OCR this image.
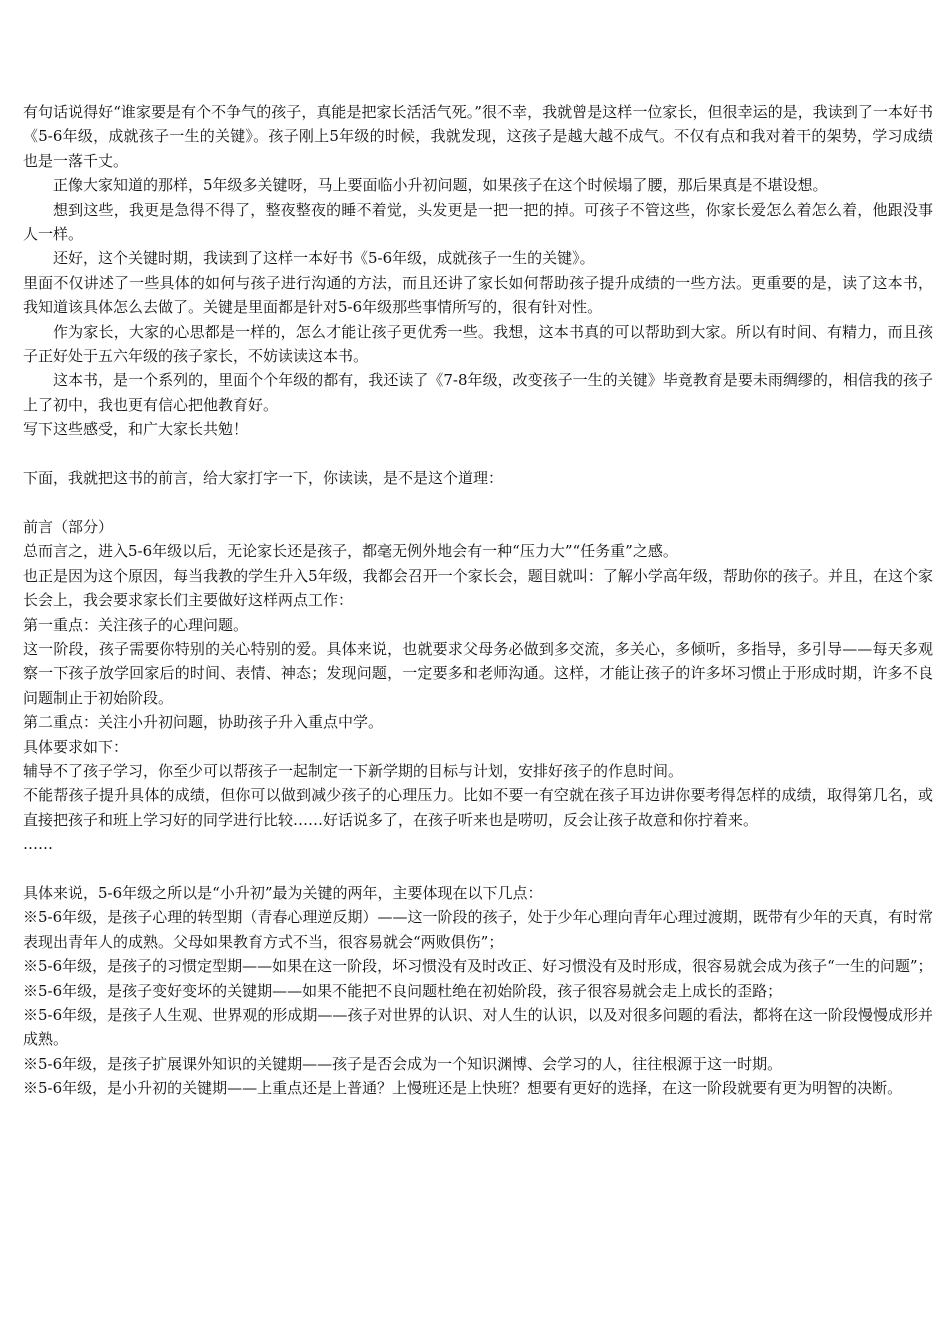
有句话说得好“谁家要是有个不争气的孩子，真能是把家长活活气死。”很不幸，我就曾是这样一位家长，但很幸运的是，我读到了一本好书《5-6年级，成就孩子一生的关键》。孩子刚上5年级的时候，我就发现，这孩子是越大越不成气。不仅有点和我对着干的架势，学习成绩也是一落千丈。

正像大家知道的那样，5年级多关键呀，马上要面临小升初问题，如果孩子在这个时候塌了腰，那后果真是不堪设想。

想到这些，我更是急得不得了，整夜整夜的睡不着觉，头发更是一把一把的掉。可孩子不管这些，你家长爱怎么着怎么着，他跟没事人一样。

还好，这个关键时期，我读到了这样一本好书《5-6年级，成就孩子一生的关键》。

里面不仅讲述了一些具体的如何与孩子进行沟通的方法，而且还讲了家长如何帮助孩子提升成绩的一些方法。更重要的是，读了这本书，我知道该具体怎么去做了。关键是里面都是针对5-6年级那些事情所写的，很有针对性。

作为家长，大家的心思都是一样的，怎么才能让孩子更优秀一些。我想，这本书真的可以帮助到大家。所以有时间、有精力，而且孩子正好处于五六年级的孩子家长，不妨读读这本书。

这本书，是一个系列的，里面个个年级的都有，我还读了《7-8年级，改变孩子一生的关键》毕竟教育是要未雨绸缪的，相信我的孩子上了初中，我也更有信心把他教育好。

写下这些感受，和广大家长共勉！

下面，我就把这书的前言，给大家打字一下，你读读，是不是这个道理：

前言（部分）

总而言之，进入5-6年级以后，无论家长还是孩子，都毫无例外地会有一种“压力大”“任务重”之感。

也正是因为这个原因，每当我教的学生升入5年级，我都会召开一个家长会，题目就叫：了解小学高年级，帮助你的孩子。并且，在这个家长会上，我会要求家长们主要做好这样两点工作：

第一重点：关注孩子的心理问题。

这一阶段，孩子需要你特别的关心特别的爱。具体来说，也就要求父母务必做到多交流，多关心，多倾听，多指导，多引导——每天多观察一下孩子放学回家后的时间、表情、神态；发现问题，一定要多和老师沟通。这样，才能让孩子的许多坏习惯止于形成时期，许多不良问题制止于初始阶段。

第二重点：关注小升初问题，协助孩子升入重点中学。

具体要求如下：

辅导不了孩子学习，你至少可以帮孩子一起制定一下新学期的目标与计划，安排好孩子的作息时间。

不能帮孩子提升具体的成绩，但你可以做到减少孩子的心理压力。比如不要一有空就在孩子耳边讲你要考得怎样的成绩，取得第几名，或直接把孩子和班上学习好的同学进行比较……好话说多了，在孩子听来也是唠叨，反会让孩子故意和你拧着来。

……

具体来说，5-6年级之所以是“小升初”最为关键的两年，主要体现在以下几点：

※5-6年级，是孩子心理的转型期（青春心理逆反期）——这一阶段的孩子，处于少年心理向青年心理过渡期，既带有少年的天真，有时常表现出青年人的成熟。父母如果教育方式不当，很容易就会“两败俱伤”；

※5-6年级，是孩子的习惯定型期——如果在这一阶段，坏习惯没有及时改正、好习惯没有及时形成，很容易就会成为孩子“一生的问题”；

※5-6年级，是孩子变好变坏的关键期——如果不能把不良问题杜绝在初始阶段，孩子很容易就会走上成长的歪路；

※5-6年级，是孩子人生观、世界观的形成期——孩子对世界的认识、对人生的认识，以及对很多问题的看法，都将在这一阶段慢慢成形并成熟。

※5-6年级，是孩子扩展课外知识的关键期——孩子是否会成为一个知识渊博、会学习的人，往往根源于这一时期。

※5-6年级，是小升初的关键期——上重点还是上普通？上慢班还是上快班？想要有更好的选择，在这一阶段就要有更为明智的决断。
